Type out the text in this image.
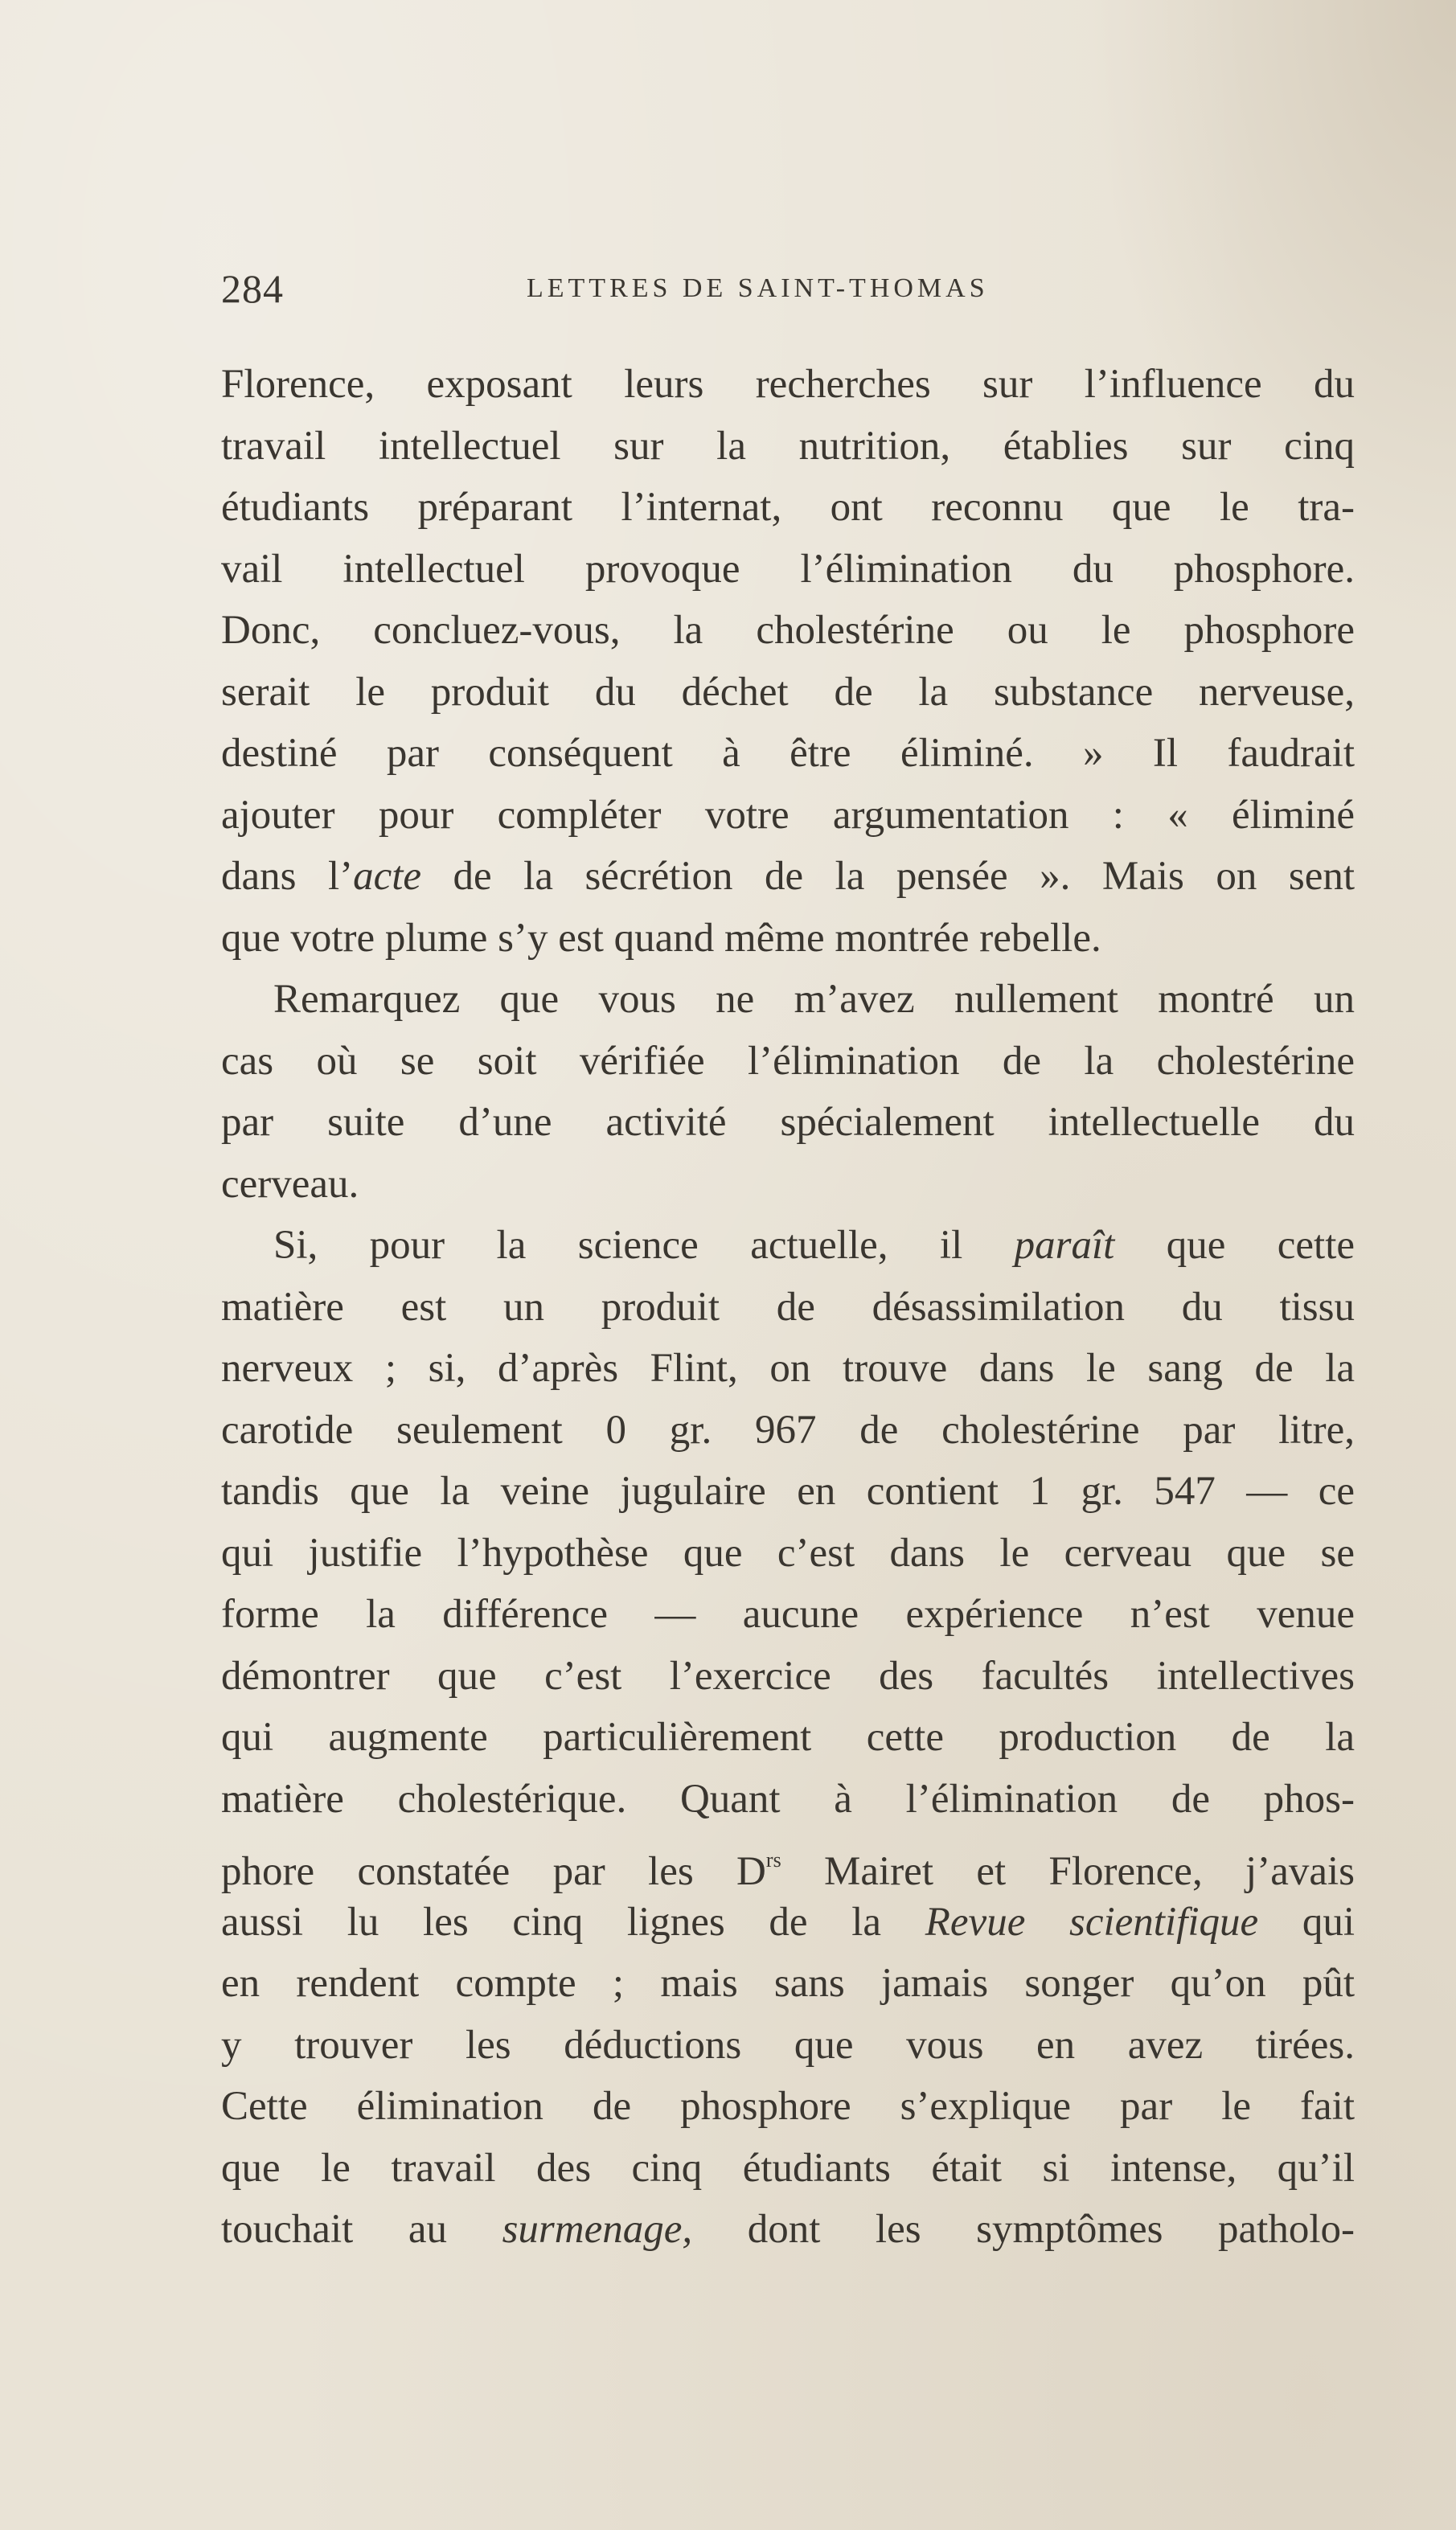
284	LETTRES DE SAINT-THOMAS
Florence, exposant leurs recherches sur l’influence du
travail intellectuel sur la nutrition, établies sur cinq
étudiants préparant l’internat, ont reconnu que le tra-
vail intellectuel provoque l’élimination du phosphore.
Donc, concluez-vous, la cholestérine ou le phosphore
serait le produit du déchet de la substance nerveuse,
destiné par conséquent à être éliminé. » Il faudrait
ajouter pour compléter votre argumentation : « éliminé
dans l’acte de la sécrétion de la pensée ». Mais on sent
que votre plume s’y est quand même montrée rebelle.
Remarquez que vous ne m’avez nullement montré un
cas où se soit vérifiée l’élimination de la cholestérine
par suite d’une activité spécialement intellectuelle du
cerveau.
Si, pour la science actuelle, il paraît que cette
matière est un produit de désassimilation du tissu
nerveux ; si, d’après Flint, on trouve dans le sang de la
carotide seulement 0 gr. 967 de cholestérine par litre,
tandis que la veine jugulaire en contient 1 gr. 547 — ce
qui justifie l’hypothèse que c’est dans le cerveau que se
forme la différence — aucune expérience n’est venue
démontrer que c’est l’exercice des facultés intellectives
qui augmente particulièrement cette production de la
matière cholestérique. Quant à l’élimination de phos-
phore constatée par les $D^{rs}$ Mairet et Florence, j’avais
aussi lu les cinq lignes de la Revue scientifique qui
en rendent compte ; mais sans jamais songer qu’on pût
y trouver les déductions que vous en avez tirées.
Cette élimination de phosphore s’explique par le fait
que le travail des cinq étudiants était si intense, qu’il
touchait au surmenage, dont les symptômes patholo-
